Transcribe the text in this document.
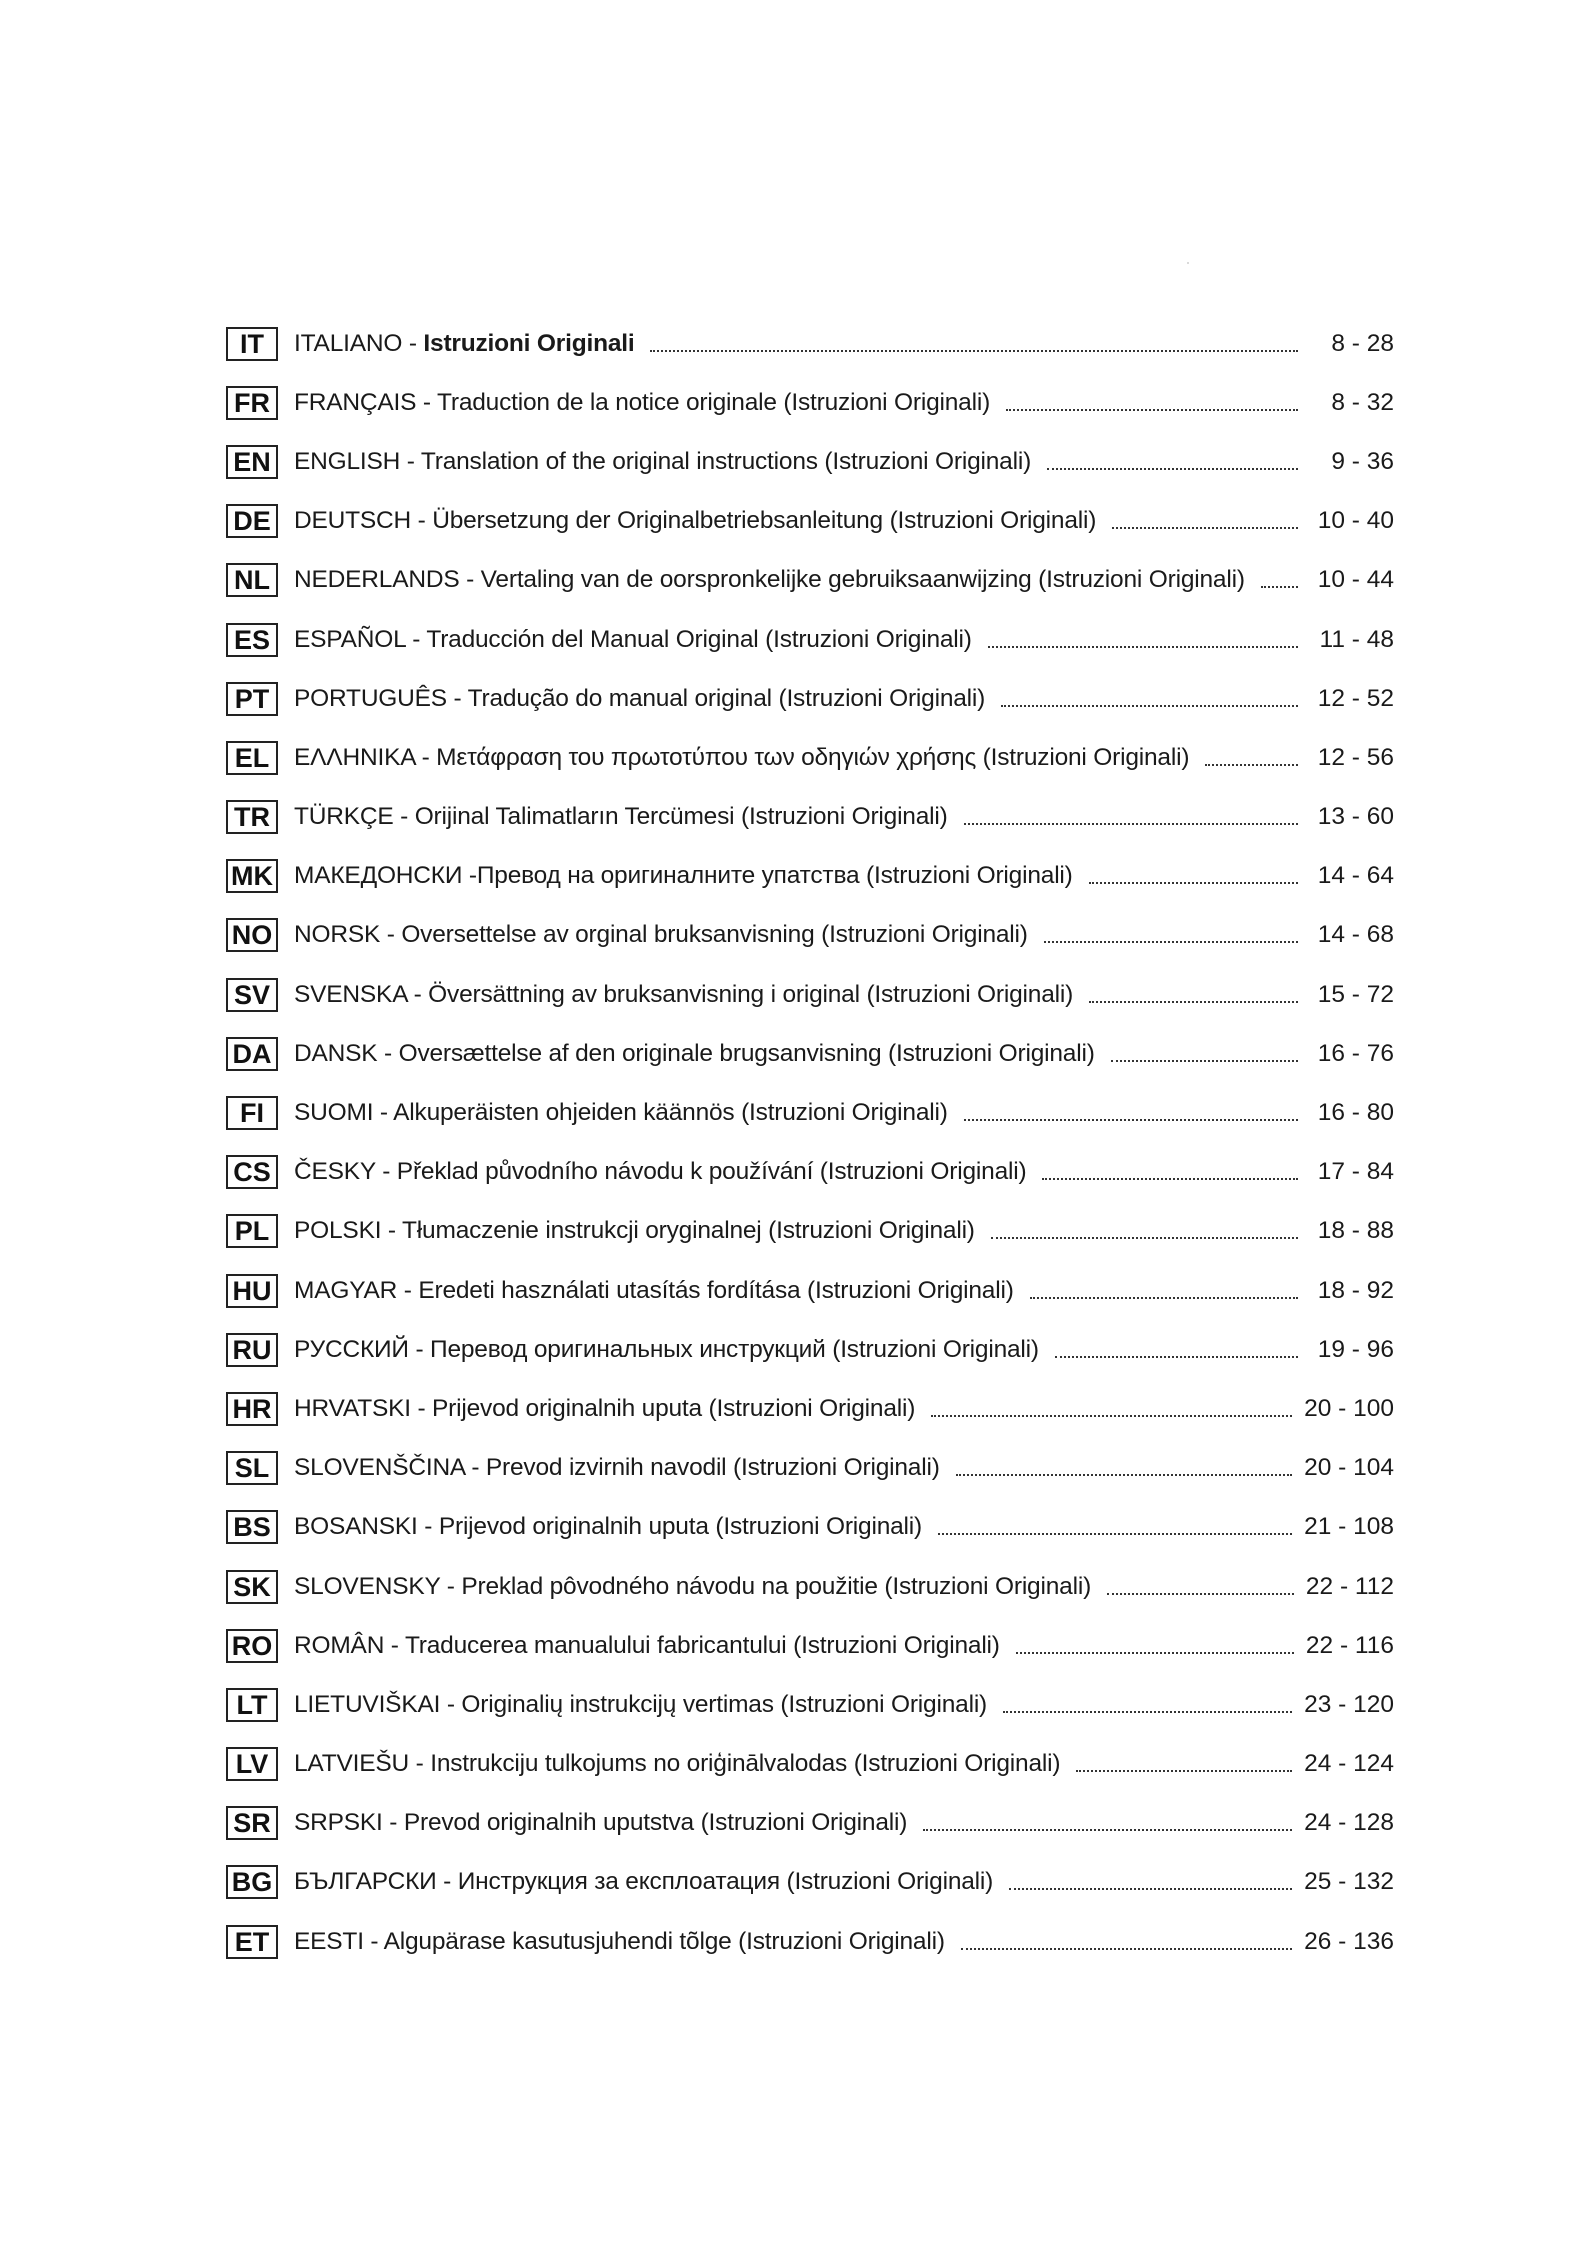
IT	ITALIANO - Istruzioni Originali	8 - 28
FR FRANÇAIS - Traduction de la notice originale (Istruzioni Originali)	8 - 32
EN ENGLISH - Translation of the original instructions (Istruzioni Originali)	9 - 36
DE DEUTSCH - Übersetzung der Originalbetriebsanleitung (Istruzioni Originali)	10 - 40
NL NEDERLANDS - Vertaling van de oorspronkelijke gebruiksaanwijzing (Istruzioni Originali)	10 - 44
ES ESPAÑOL - Traducción del Manual Original (Istruzioni Originali)	11 - 48
PT	PORTUGUÊS - Tradução do manual original (Istruzioni Originali)	12 - 52
EL	ΕΛΛΗΝΙΚΑ - Μετάφραση του πρωτοτύπου των οδηγιών χρήσης (Istruzioni Originali)	12 - 56
TR TÜRKÇE - Orijinal Talimatların Tercümesi (Istruzioni Originali)	13 - 60
MK МАКЕДОНСКИ -Превод на оригиналните упатства (Istruzioni Originali)	14 - 64
NO NORSK - Oversettelse av orginal bruksanvisning (Istruzioni Originali)	14 - 68
SV SVENSKA - Översättning av bruksanvisning i original (Istruzioni Originali)	15 - 72
DA DANSK - Oversættelse af den originale brugsanvisning (Istruzioni Originali)	16 - 76
FI	SUOMI - Alkuperäisten ohjeiden käännös (Istruzioni Originali)	16 - 80
CS ČESKY - Překlad původního návodu k používání (Istruzioni Originali)	17 - 84
PL	POLSKI - Tłumaczenie instrukcji oryginalnej (Istruzioni Originali)	18 - 88
HU MAGYAR - Eredeti használati utasítás fordítása (Istruzioni Originali)	18 - 92
RU РУССКИЙ - Перевод оригинальных инструкций (Istruzioni Originali)	19 - 96
HR HRVATSKI - Prijevod originalnih uputa (Istruzioni Originali)	20 - 100
SL	SLOVENŠČINA - Prevod izvirnih navodil (Istruzioni Originali)	20 - 104
BS BOSANSKI - Prijevod originalnih uputa (Istruzioni Originali)	21 - 108
SK SLOVENSKY - Preklad pôvodného návodu na použitie (Istruzioni Originali)	22 - 112
RO ROMÂN - Traducerea manualului fabricantului (Istruzioni Originali)	22 - 116
LT	LIETUVIŠKAI - Originalių instrukcijų vertimas (Istruzioni Originali)	23 - 120
LV	LATVIEŠU - Instrukciju tulkojums no oriģinālvalodas (Istruzioni Originali)	24 - 124
SR SRPSKI - Prevod originalnih uputstva (Istruzioni Originali)	24 - 128
BG БЪЛГАРСКИ - Инструкция за експлоатация (Istruzioni Originali)	25 - 132
ET	EESTI - Algupärase kasutusjuhendi tõlge (Istruzioni Originali)	26 - 136
